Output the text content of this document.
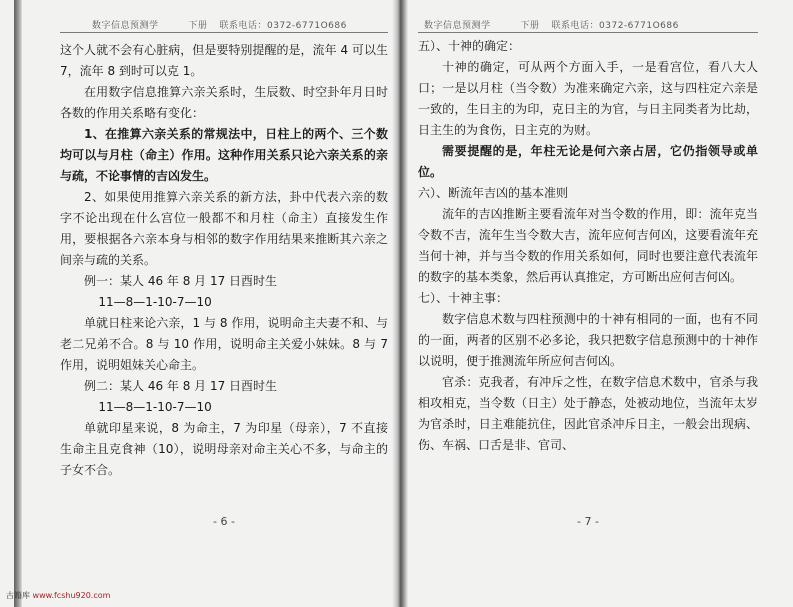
数字信息预测学	下册 联系电话：0372-6771O686

这个人就不会有心脏病，但是要特别提醒的是，流年 4 可以生 7，流年 8 到时可以克 1。

在用数字信息推算六亲关系时，生辰数、时空卦年月日时各数的作用关系略有变化：

1、在推算六亲关系的常规法中，日柱上的两个、三个数均可以与月柱（命主）作用。这种作用关系只论六亲关系的亲与疏，不论事情的吉凶发生。

2、如果使用推算六亲关系的新方法，卦中代表六亲的数字不论出现在什么宫位一般都不和月柱（命主）直接发生作用，要根据各六亲本身与相邻的数字作用结果来推断其六亲之间亲与疏的关系。

例一：某人 46 年 8 月 17 日酉时生

11—8—1-10-7—10

单就日柱来论六亲，1 与 8 作用，说明命主夫妻不和、与老二兄弟不合。8 与 10 作用，说明命主关爱小妹妹。8 与 7 作用，说明姐妹关心命主。

例二：某人 46 年 8 月 17 日酉时生

11—8—1-10-7—10

单就印星来说，8 为命主，7 为印星（母亲），7 不直接生命主且克食神（10），说明母亲对命主关心不多，与命主的子女不合。

- 6 -
数字信息预测学	下册 联系电话：0372-6771O686

五）、十神的确定：

十神的确定，可从两个方面入手，一是看宫位，看八大人口；一是以月柱（当令数）为准来确定六亲，这与四柱定六亲是一致的，生日主的为印，克日主的为官，与日主同类者为比劫，日主生的为食伤，日主克的为财。

需要提醒的是，年柱无论是何六亲占居，它仍指领导或单位。

六）、断流年吉凶的基本准则

流年的吉凶推断主要看流年对当令数的作用，即：流年克当令数不吉，流年生当令数大吉，流年应何吉何凶，这要看流年充当何十神，并与当令数的作用关系如何，同时也要注意代表流年的数字的基本类象，然后再认真推定，方可断出应何吉何凶。

七）、十神主事：

数字信息术数与四柱预测中的十神有相同的一面，也有不同的一面，两者的区别不必多论，我只把数字信息预测中的十神作以说明，便于推测流年所应何吉何凶。

官杀：克我者，有冲斥之性，在数字信息术数中，官杀与我相攻相克，当令数（日主）处于静态，处被动地位，当流年太岁为官杀时，日主难能抗住，因此官杀冲斥日主，一般会出现病、伤、车祸、口舌是非、官司、

- 7 -
古籍库 www.fcshu920.com
